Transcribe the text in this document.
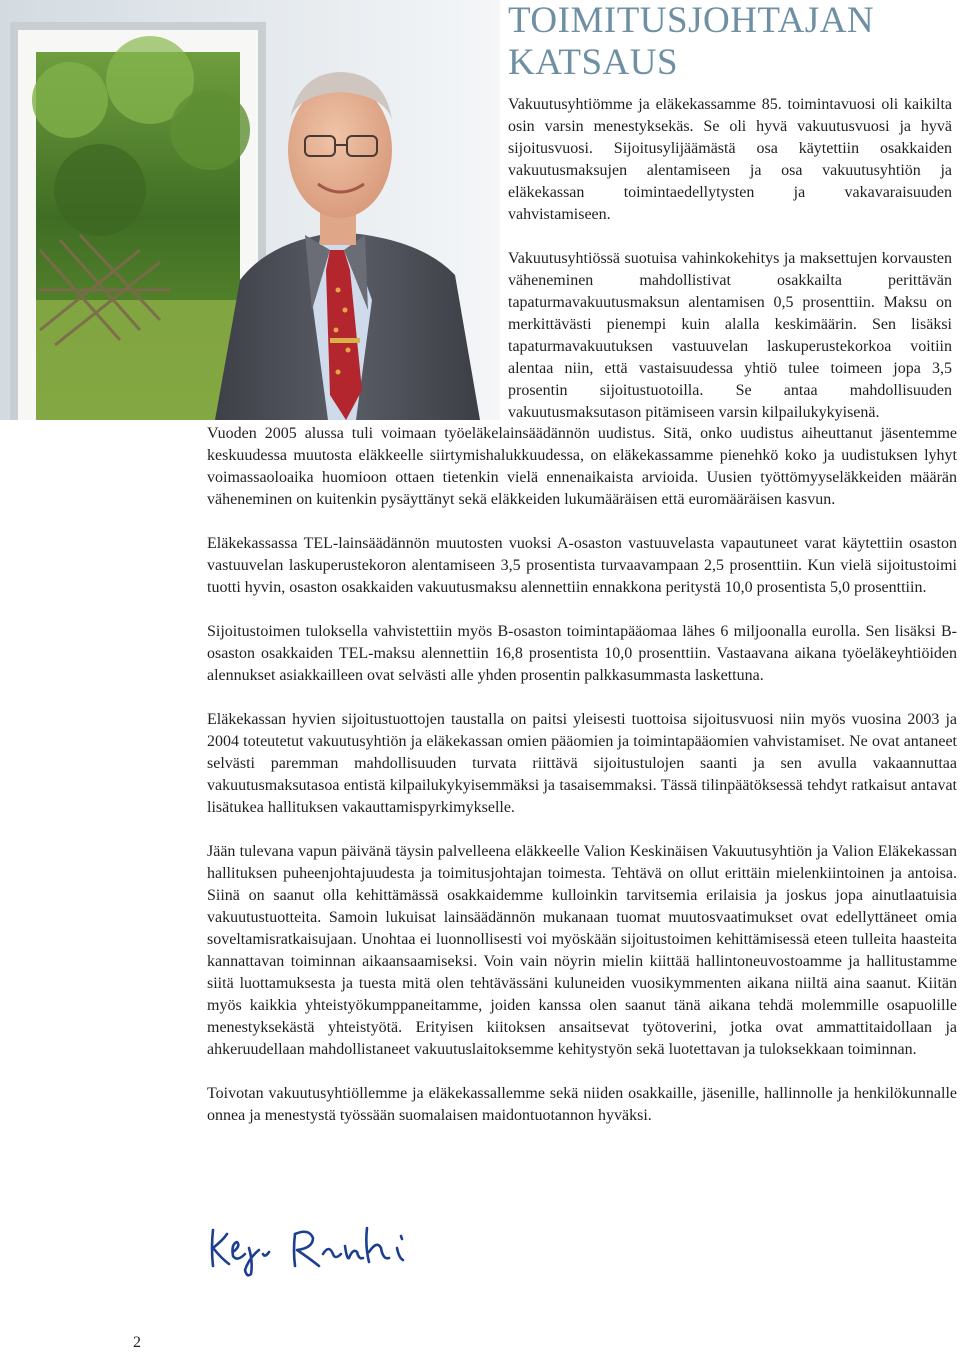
TOIMITUSJOHTAJAN
KATSAUS

Vakuutusyhtiömme ja eläkekassamme 85. toimintavuosi oli kaikilta osin varsin menestyksekäs. Se oli hyvä vakuutusvuosi ja hyvä sijoitusvuosi. Sijoitusylijäämästä osa käytettiin osakkaiden vakuutusmaksujen alentamiseen ja osa vakuutusyhtiön ja eläkekassan toimintaedellytysten ja vakavaraisuuden vahvistamiseen.

Vakuutusyhtiössä suotuisa vahinkokehitys ja maksettujen korvausten väheneminen mahdollistivat osakkailta perittävän tapaturmavakuutusmaksun alentamisen 0,5 prosenttiin. Maksu on merkittävästi pienempi kuin alalla keskimäärin. Sen lisäksi tapaturmavakuutuksen vastuuvelan laskuperustekorkoa voitiin alentaa niin, että vastaisuudessa yhtiö tulee toimeen jopa 3,5 prosentin sijoitustuotoilla. Se antaa mahdollisuuden vakuutusmaksutason pitämiseen varsin kilpailukykyisenä.

Vuoden 2005 alussa tuli voimaan työeläkelainsäädännön uudistus. Sitä, onko uudistus aiheuttanut jäsentemme keskuudessa muutosta eläkkeelle siirtymishalukkuudessa, on eläkekassamme pienehkö koko ja uudistuksen lyhyt voimassaoloaika huomioon ottaen tietenkin vielä ennenaikaista arvioida. Uusien työttömyyseläkkeiden määrän väheneminen on kuitenkin pysäyttänyt sekä eläkkeiden lukumääräisen että euromääräisen kasvun.

Eläkekassassa TEL-lainsäädännön muutosten vuoksi A-osaston vastuuvelasta vapautuneet varat käytettiin osaston vastuuvelan laskuperustekoron alentamiseen 3,5 prosentista turvaavampaan 2,5 prosenttiin. Kun vielä sijoitustoimi tuotti hyvin, osaston osakkaiden vakuutusmaksu alennettiin ennakkona peritystä 10,0 prosentista 5,0 prosenttiin.

Sijoitustoimen tuloksella vahvistettiin myös B-osaston toimintapääomaa lähes 6 miljoonalla eurolla. Sen lisäksi B-osaston osakkaiden TEL-maksu alennettiin 16,8 prosentista 10,0 prosenttiin. Vastaavana aikana työeläkeyhtiöiden alennukset asiakkailleen ovat selvästi alle yhden prosentin palkkasummasta laskettuna.

Eläkekassan hyvien sijoitustuottojen taustalla on paitsi yleisesti tuottoisa sijoitusvuosi niin myös vuosina 2003 ja 2004 toteutetut vakuutusyhtiön ja eläkekassan omien pääomien ja toimintapääomien vahvistamiset. Ne ovat antaneet selvästi paremman mahdollisuuden turvata riittävä sijoitustulojen saanti ja sen avulla vakaannuttaa vakuutusmaksutasoa entistä kilpailukykyisemmäksi ja tasaisemmaksi. Tässä tilinpäätöksessä tehdyt ratkaisut antavat lisätukea hallituksen vakauttamispyrkimykselle.

Jään tulevana vapun päivänä täysin palvelleena eläkkeelle Valion Keskinäisen Vakuutusyhtiön ja Valion Eläkekassan hallituksen puheenjohtajuudesta ja toimitusjohtajan toimesta. Tehtävä on ollut erittäin mielenkiintoinen ja antoisa. Siinä on saanut olla kehittämässä osakkaidemme kulloinkin tarvitsemia erilaisia ja joskus jopa ainutlaatuisia vakuutustuotteita. Samoin lukuisat lainsäädännön mukanaan tuomat muutosvaatimukset ovat edellyttäneet omia soveltamisratkaisujaan. Unohtaa ei luonnollisesti voi myöskään sijoitustoimen kehittämisessä eteen tulleita haasteita kannattavan toiminnan aikaansaamiseksi. Voin vain nöyrin mielin kiittää hallintoneuvostoamme ja hallitustamme siitä luottamuksesta ja tuesta mitä olen tehtävässäni kuluneiden vuosikymmenten aikana niiltä aina saanut. Kiitän myös kaikkia yhteistyökumppaneitamme, joiden kanssa olen saanut tänä aikana tehdä molemmille osapuolille menestyksekästä yhteistyötä. Erityisen kiitoksen ansaitsevat työtoverini, jotka ovat ammattitaidollaan ja ahkeruudellaan mahdollistaneet vakuutuslaitoksemme kehitystyön sekä luotettavan ja tuloksekkaan toiminnan.

Toivotan vakuutusyhtiöllemme ja eläkekassallemme sekä niiden osakkaille, jäsenille, hallinnolle ja henkilökunnalle onnea ja menestystä työssään suomalaisen maidontuotannon hyväksi.

2
